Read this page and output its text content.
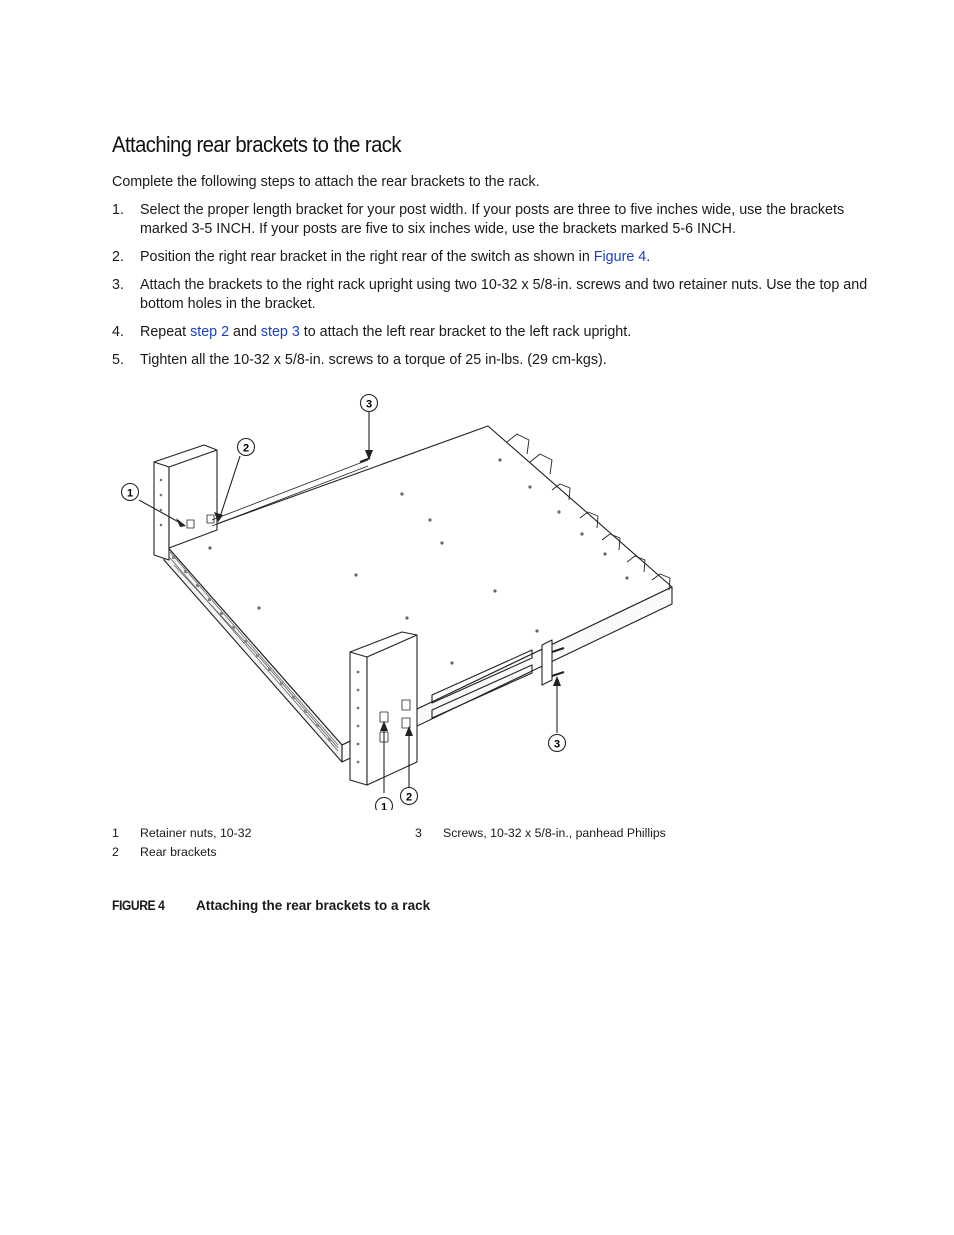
Attaching rear brackets to the rack

Complete the following steps to attach the rear brackets to the rack.

1. Select the proper length bracket for your post width. If your posts are three to five inches wide, use the brackets marked 3-5 INCH. If your posts are five to six inches wide, use the brackets marked 5-6 INCH.
2. Position the right rear bracket in the right rear of the switch as shown in Figure 4.
3. Attach the brackets to the right rack upright using two 10-32 x 5/8-in. screws and two retainer nuts. Use the top and bottom holes in the bracket.
4. Repeat step 2 and step 3 to attach the left rear bracket to the left rack upright.
5. Tighten all the 10-32 x 5/8-in. screws to a torque of 25 in-lbs. (29 cm-kgs).
3
2
1
3
2
1
1 Retainer nuts, 10-32
2 Rear brackets
3 Screws, 10-32 x 5/8-in., panhead Phillips
FIGURE 4 Attaching the rear brackets to a rack
